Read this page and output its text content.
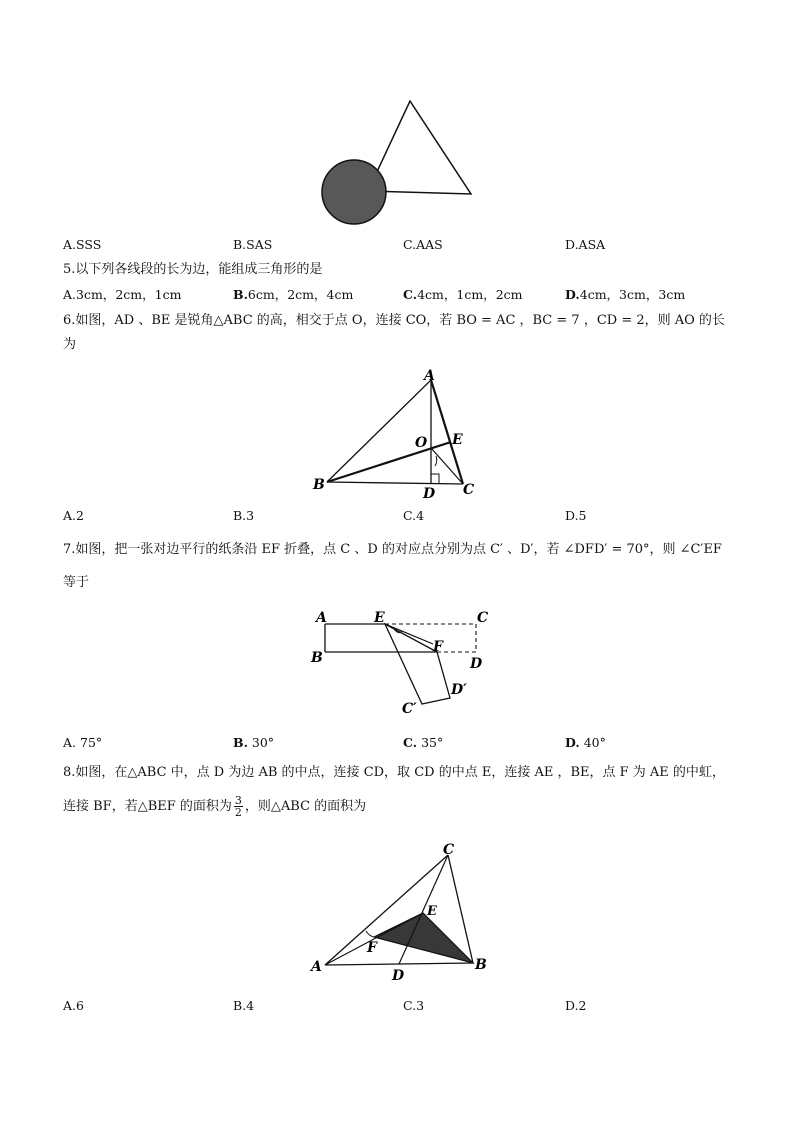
A.SSS	B.SAS	C.AAS	D.ASA
5.以下列各线段的长为边，能组成三角形的是
A.3cm，2cm，1cm	B.6cm，2cm，4cm	C.4cm，1cm，2cm	D.4cm，3cm，3cm
6.如图，AD 、BE 是锐角△ABC 的高，相交于点 O，连接 CO，若 BO = AC ，BC = 7 ，CD = 2，则 AO 的长
为
A
B	C
D
E
O
A.2	B.3	C.4	D.5
7.如图，把一张对边平行的纸条沿 EF 折叠，点 C 、D 的对应点分别为点 C′ 、D′，若 ∠DFD′ = 70°，则 ∠C′EF
等于
A
B
E	C
F
D
D′
C′
A. 75°	B. 30°	C. 35°	D. 40°
8.如图，在△ABC 中，点 D 为边 AB 的中点，连接 CD，取 CD 的中点 E，连接 AE ，BE，点 F 为 AE 的中虹，
连接 BF，若△BEF 的面积为 $\frac{3}{2}$ ，则△ABC 的面积为
C
E
F
A
D
B
A.6	B.4	C.3	D.2
